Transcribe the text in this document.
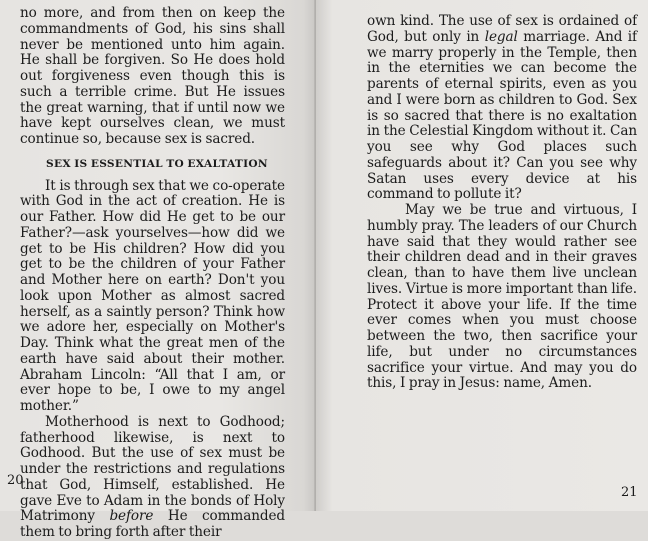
no more, and from then on keep the commandments of God, his sins shall never be mentioned unto him again. He shall be forgiven. So He does hold out forgiveness even though this is such a terrible crime. But He issues the great warning, that if until now we have kept ourselves clean, we must continue so, because sex is sacred.

SEX IS ESSENTIAL TO EXALTATION

It is through sex that we co-operate with God in the act of creation. He is our Father. How did He get to be our Father?—ask yourselves—how did we get to be His children? How did you get to be the children of your Father and Mother here on earth? Don't you look upon Mother as almost sacred herself, as a saintly person? Think how we adore her, especially on Mother's Day. Think what the great men of the earth have said about their mother. Abraham Lincoln: “All that I am, or ever hope to be, I owe to my angel mother.”

Motherhood is next to Godhood; fatherhood likewise, is next to Godhood. But the use of sex must be under the restrictions and regulations that God, Himself, established. He gave Eve to Adam in the bonds of Holy Matrimony before He commanded them to bring forth after their

20

own kind. The use of sex is ordained of God, but only in legal marriage. And if we marry properly in the Temple, then in the eternities we can become the parents of eternal spirits, even as you and I were born as children to God. Sex is so sacred that there is no exaltation in the Celestial Kingdom without it. Can you see why God places such safeguards about it? Can you see why Satan uses every device at his command to pollute it?

May we be true and virtuous, I humbly pray. The leaders of our Church have said that they would rather see their children dead and in their graves clean, than to have them live unclean lives. Virtue is more important than life. Protect it above your life. If the time ever comes when you must choose between the two, then sacrifice your life, but under no circumstances sacrifice your virtue. And may you do this, I pray in Jesus: name, Amen.

21
